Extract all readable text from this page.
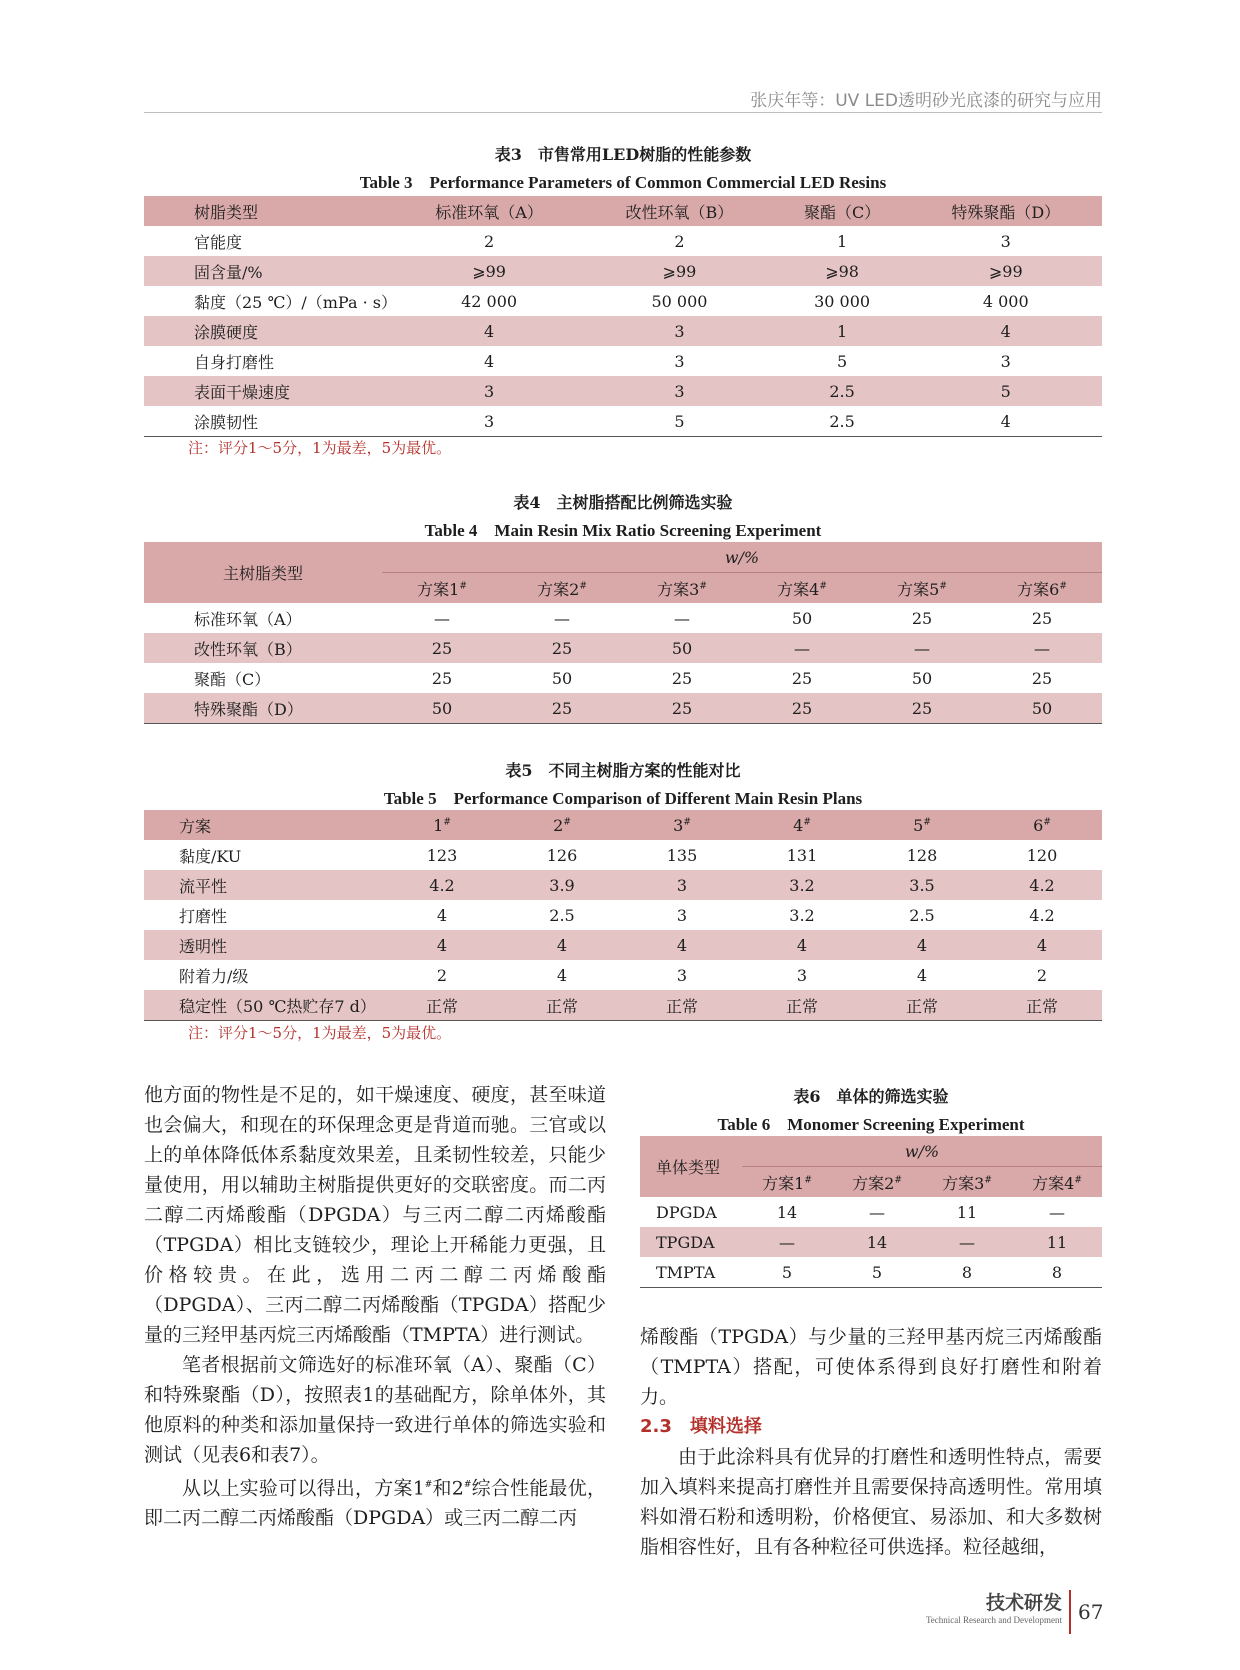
张庆年等：UV LED透明砂光底漆的研究与应用
表3　市售常用LED树脂的性能参数
Table 3　Performance Parameters of Common Commercial LED Resins
树脂类型	标准环氧（A）	改性环氧（B）	聚酯（C）	特殊聚酯（D）
官能度	2	2	1	3
固含量/%	⩾99	⩾99	⩾98	⩾99
黏度（25 ℃）/（mPa · s）	42 000	50 000	30 000	4 000
涂膜硬度	4	3	1	4
自身打磨性	4	3	5	3
表面干燥速度	3	3	2.5	5
涂膜韧性	3	5	2.5	4
注：评分1～5分，1为最差，5为最优。
表4　主树脂搭配比例筛选实验
Table 4　Main Resin Mix Ratio Screening Experiment
主树脂类型	w/%					
	方案1#	方案2#	方案3#	方案4#	方案5#	方案6#
标准环氧（A）	—	—	—	50	25	25
改性环氧（B）	25	25	50	—	—	—
聚酯（C）	25	50	25	25	50	25
特殊聚酯（D）	50	25	25	25	25	50
表5　不同主树脂方案的性能对比
Table 5　Performance Comparison of Different Main Resin Plans
方案	1#	2#	3#	4#	5#	6#
黏度/KU	123	126	135	131	128	120
流平性	4.2	3.9	3	3.2	3.5	4.2
打磨性	4	2.5	3	3.2	2.5	4.2
透明性	4	4	4	4	4	4
附着力/级	2	4	3	3	4	2
稳定性（50 ℃热贮存7 d）	正常	正常	正常	正常	正常	正常
注：评分1～5分，1为最差，5为最优。

他方面的物性是不足的，如干燥速度、硬度，甚至味道也会偏大，和现在的环保理念更是背道而驰。三官或以上的单体降低体系黏度效果差，且柔韧性较差，只能少量使用，用以辅助主树脂提供更好的交联密度。而二丙二醇二丙烯酸酯（DPGDA）与三丙二醇二丙烯酸酯（TPGDA）相比支链较少，理论上开稀能力更强，且价格较贵。在此，选用二丙二醇二丙烯酸酯（DPGDA）、三丙二醇二丙烯酸酯（TPGDA）搭配少量的三羟甲基丙烷三丙烯酸酯（TMPTA）进行测试。

笔者根据前文筛选好的标准环氧（A）、聚酯（C）和特殊聚酯（D），按照表1的基础配方，除单体外，其他原料的种类和添加量保持一致进行单体的筛选实验和测试（见表6和表7）。

从以上实验可以得出，方案1#和2#综合性能最优，即二丙二醇二丙烯酸酯（DPGDA）或三丙二醇二丙

表6　单体的筛选实验
Table 6　Monomer Screening Experiment
单体类型	w/%			
	方案1#	方案2#	方案3#	方案4#
DPGDA	14	—	11	—
TPGDA	—	14	—	11
TMPTA	5	5	8	8

烯酸酯（TPGDA）与少量的三羟甲基丙烷三丙烯酸酯（TMPTA）搭配，可使体系得到良好打磨性和附着力。

2.3　填料选择

由于此涂料具有优异的打磨性和透明性特点，需要加入填料来提高打磨性并且需要保持高透明性。常用填料如滑石粉和透明粉，价格便宜、易添加、和大多数树脂相容性好，且有各种粒径可供选择。粒径越细，

技术研发
Technical Research and Development 67
